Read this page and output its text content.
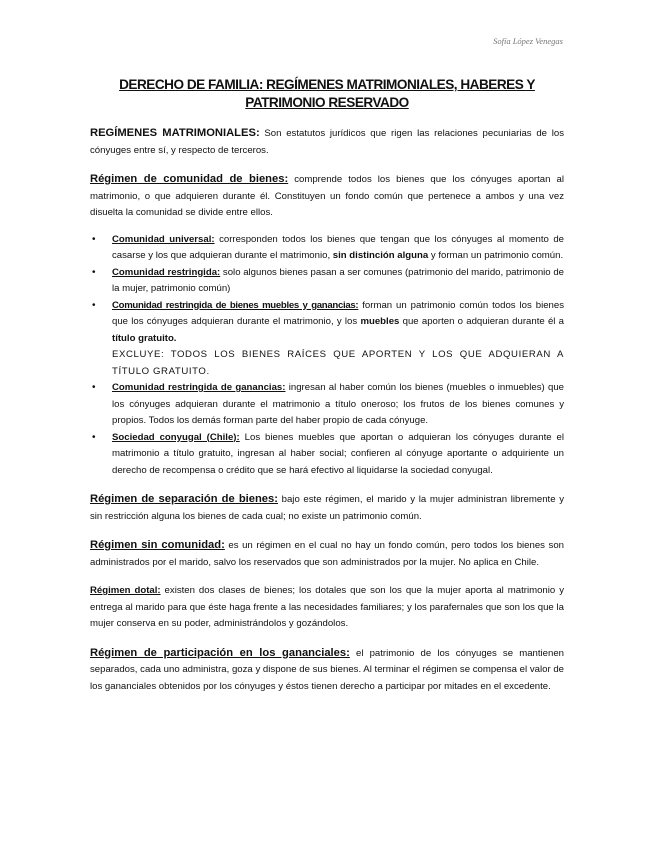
Sofía López Venegas
DERECHO DE FAMILIA: REGÍMENES MATRIMONIALES, HABERES Y PATRIMONIO RESERVADO

REGÍMENES MATRIMONIALES: Son estatutos jurídicos que rigen las relaciones pecuniarias de los cónyuges entre sí, y respecto de terceros.

Régimen de comunidad de bienes: comprende todos los bienes que los cónyuges aportan al matrimonio, o que adquieren durante él. Constituyen un fondo común que pertenece a ambos y una vez disuelta la comunidad se divide entre ellos.

• Comunidad universal: corresponden todos los bienes que tengan que los cónyuges al momento de casarse y los que adquieran durante el matrimonio, sin distinción alguna y forman un patrimonio común.
• Comunidad restringida: solo algunos bienes pasan a ser comunes (patrimonio del marido, patrimonio de la mujer, patrimonio común)
• Comunidad restringida de bienes muebles y ganancias: forman un patrimonio común todos los bienes que los cónyuges adquieran durante el matrimonio, y los muebles que aporten o adquieran durante él a título gratuito.
EXCLUYE: TODOS LOS BIENES RAÍCES QUE APORTEN Y LOS QUE ADQUIERAN A TÍTULO GRATUITO.
• Comunidad restringida de ganancias: ingresan al haber común los bienes (muebles o inmuebles) que los cónyuges adquieran durante el matrimonio a título oneroso; los frutos de los bienes comunes y propios. Todos los demás forman parte del haber propio de cada cónyuge.
• Sociedad conyugal (Chile): Los bienes muebles que aportan o adquieran los cónyuges durante el matrimonio a título gratuito, ingresan al haber social; confieren al cónyuge aportante o adquiriente un derecho de recompensa o crédito que se hará efectivo al liquidarse la sociedad conyugal.

Régimen de separación de bienes: bajo este régimen, el marido y la mujer administran libremente y sin restricción alguna los bienes de cada cual; no existe un patrimonio común.

Régimen sin comunidad: es un régimen en el cual no hay un fondo común, pero todos los bienes son administrados por el marido, salvo los reservados que son administrados por la mujer. No aplica en Chile.

Régimen dotal: existen dos clases de bienes; los dotales que son los que la mujer aporta al matrimonio y entrega al marido para que éste haga frente a las necesidades familiares; y los parafernales que son los que la mujer conserva en su poder, administrándolos y gozándolos.

Régimen de participación en los gananciales: el patrimonio de los cónyuges se mantienen separados, cada uno administra, goza y dispone de sus bienes. Al terminar el régimen se compensa el valor de los gananciales obtenidos por los cónyuges y éstos tienen derecho a participar por mitades en el excedente.
